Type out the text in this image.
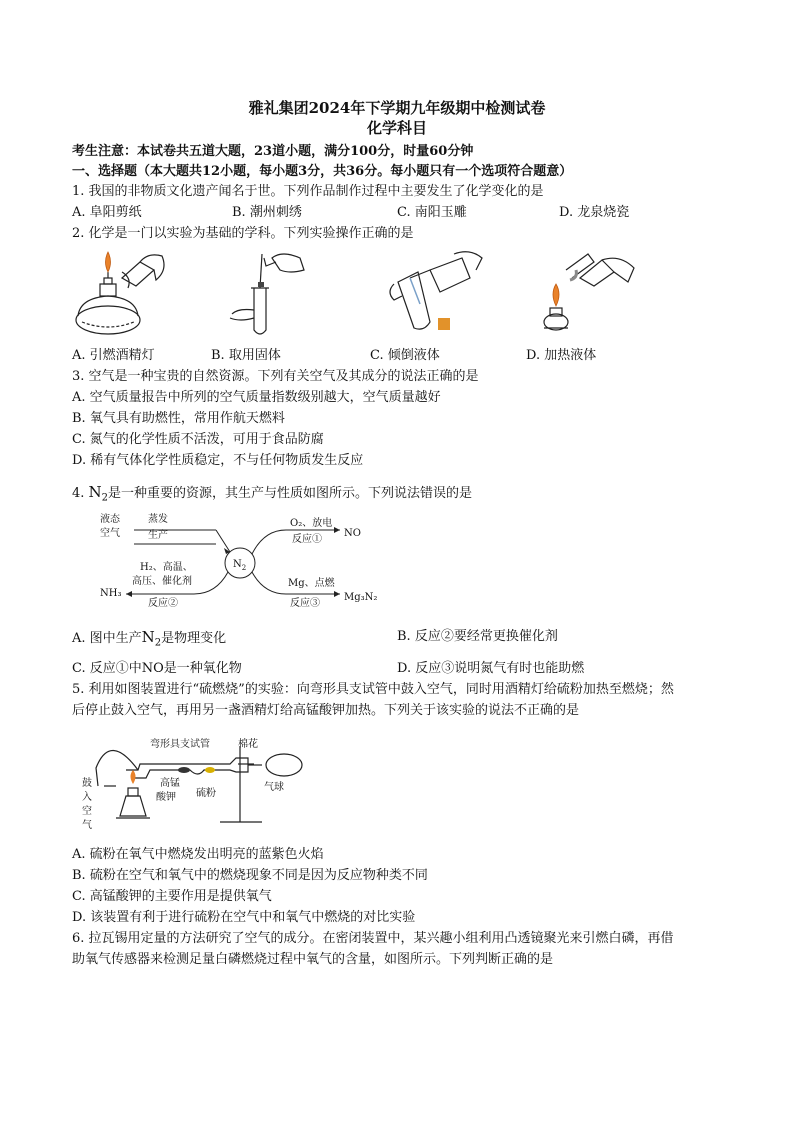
雅礼集团2024年下学期九年级期中检测试卷
化学科目
考生注意：本试卷共五道大题，23道小题，满分100分，时量60分钟
一、选择题（本大题共12小题，每小题3分，共36分。每小题只有一个选项符合题意）
1. 我国的非物质文化遗产闻名于世。下列作品制作过程中主要发生了化学变化的是
A. 阜阳剪纸	B. 潮州刺绣	C. 南阳玉雕	D. 龙泉烧瓷
2. 化学是一门以实验为基础的学科。下列实验操作正确的是
A. 引燃酒精灯	B. 取用固体	C. 倾倒液体	D. 加热液体
3. 空气是一种宝贵的自然资源。下列有关空气及其成分的说法正确的是
A. 空气质量报告中所列的空气质量指数级别越大，空气质量越好
B. 氧气具有助燃性，常用作航天燃料
C. 氮气的化学性质不活泼，可用于食品防腐
D. 稀有气体化学性质稳定，不与任何物质发生反应
4. $N_2$是一种重要的资源，其生产与性质如图所示。下列说法错误的是
液态
空气
蒸发
生产
O₂、放电
反应①
NO
H₂、高温、
高压、催化剂
反应②
NH₃
Mg、点燃
反应③
Mg₃N₂
$N_2$
A. 图中生产$N_2$是物理变化	B. 反应②要经常更换催化剂
C. 反应①中NO是一种氧化物	D. 反应③说明氮气有时也能助燃
5. 利用如图装置进行“硫燃烧”的实验：向弯形具支试管中鼓入空气，同时用酒精灯给硫粉加热至燃烧；然
后停止鼓入空气，再用另一盏酒精灯给高锰酸钾加热。下列关于该实验的说法不正确的是
弯形具支试管	棉花
高锰
酸钾 硫粉
气球
鼓
入
空
气
A. 硫粉在氧气中燃烧发出明亮的蓝紫色火焰
B. 硫粉在空气和氧气中的燃烧现象不同是因为反应物种类不同
C. 高锰酸钾的主要作用是提供氧气
D. 该装置有利于进行硫粉在空气中和氧气中燃烧的对比实验
6. 拉瓦锡用定量的方法研究了空气的成分。在密闭装置中，某兴趣小组利用凸透镜聚光来引燃白磷，再借
助氧气传感器来检测足量白磷燃烧过程中氧气的含量，如图所示。下列判断正确的是
